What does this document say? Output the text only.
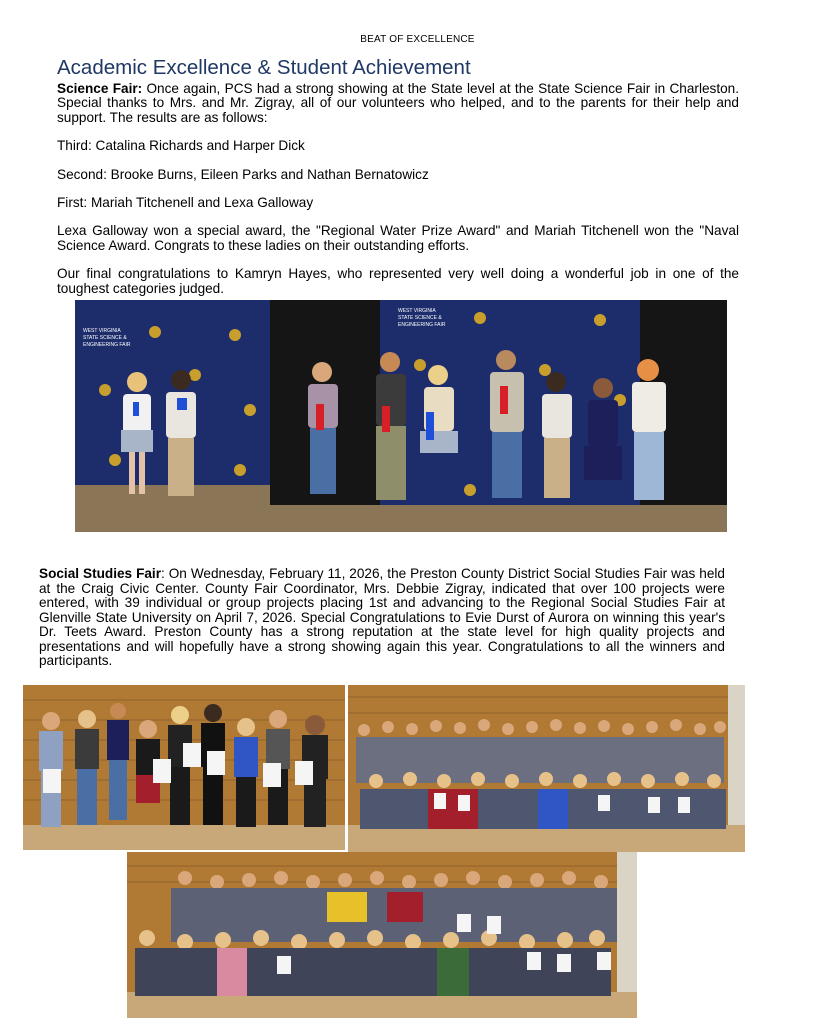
BEAT OF EXCELLENCE
Academic Excellence & Student Achievement

Science Fair: Once again, PCS had a strong showing at the State level at the State Science Fair in Charleston. Special thanks to Mrs. and Mr. Zigray, all of our volunteers who helped, and to the parents for their help and support. The results are as follows:

Third: Catalina Richards and Harper Dick

Second: Brooke Burns, Eileen Parks and Nathan Bernatowicz

First: Mariah Titchenell and Lexa Galloway

Lexa Galloway won a special award, the "Regional Water Prize Award" and Mariah Titchenell won the "Naval Science Award. Congrats to these ladies on their outstanding efforts.

Our final congratulations to Kamryn Hayes, who represented very well doing a wonderful job in one of the toughest categories judged.

WEST VIRGINIA
STATE SCIENCE &
ENGINEERING FAIR
WEST VIRGINIA
STATE SCIENCE &
ENGINEERING FAIR
Social Studies Fair: On Wednesday, February 11, 2026, the Preston County District Social Studies Fair was held at the Craig Civic Center. County Fair Coordinator, Mrs. Debbie Zigray, indicated that over 100 projects were entered, with 39 individual or group projects placing 1st and advancing to the Regional Social Studies Fair at Glenville State University on April 7, 2026. Special Congratulations to Evie Durst of Aurora on winning this year's Dr. Teets Award. Preston County has a strong reputation at the state level for high quality projects and presentations and will hopefully have a strong showing again this year. Congratulations to all the winners and participants.
